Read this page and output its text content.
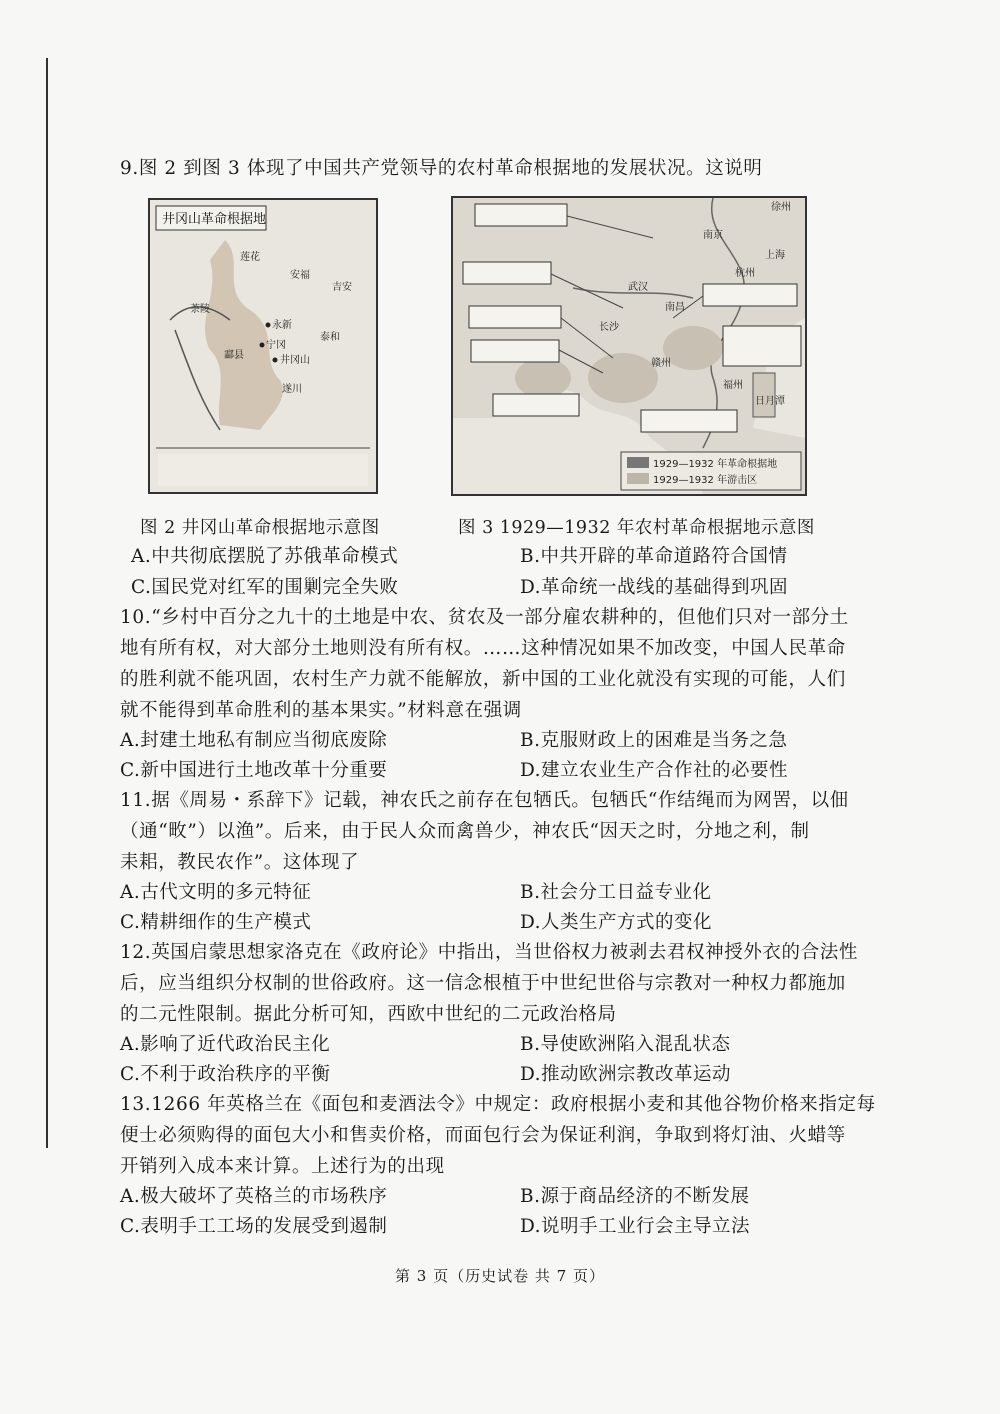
9.图 2 到图 3 体现了中国共产党领导的农村革命根据地的发展状况。这说明
井冈山革命根据地
安福
永新
宁冈
井冈山
遂川
酃县
茶陵
莲花
吉安
泰和
徐州
南京
上海
武汉
南昌
长沙
赣州
杭州
福州
日月潭
1929—1932 年革命根据地
1929—1932 年游击区
图 2 井冈山革命根据地示意图	图 3 1929—1932 年农村革命根据地示意图
A.中共彻底摆脱了苏俄革命模式	B.中共开辟的革命道路符合国情
C.国民党对红军的围剿完全失败	D.革命统一战线的基础得到巩固
10.“乡村中百分之九十的土地是中农、贫农及一部分雇农耕种的，但他们只对一部分土
地有所有权，对大部分土地则没有所有权。……这种情况如果不加改变，中国人民革命
的胜利就不能巩固，农村生产力就不能解放，新中国的工业化就没有实现的可能，人们
就不能得到革命胜利的基本果实。”材料意在强调
A.封建土地私有制应当彻底废除	B.克服财政上的困难是当务之急
C.新中国进行土地改革十分重要	D.建立农业生产合作社的必要性
11.据《周易・系辞下》记载，神农氏之前存在包牺氏。包牺氏“作结绳而为网罟，以佃
（通“畋”）以渔”。后来，由于民人众而禽兽少，神农氏“因天之时，分地之利，制
耒耜，教民农作”。这体现了
A.古代文明的多元特征	B.社会分工日益专业化
C.精耕细作的生产模式	D.人类生产方式的变化
12.英国启蒙思想家洛克在《政府论》中指出，当世俗权力被剥去君权神授外衣的合法性
后，应当组织分权制的世俗政府。这一信念根植于中世纪世俗与宗教对一种权力都施加
的二元性限制。据此分析可知，西欧中世纪的二元政治格局
A.影响了近代政治民主化	B.导使欧洲陷入混乱状态
C.不利于政治秩序的平衡	D.推动欧洲宗教改革运动
13.1266 年英格兰在《面包和麦酒法令》中规定：政府根据小麦和其他谷物价格来指定每
便士必须购得的面包大小和售卖价格，而面包行会为保证利润，争取到将灯油、火蜡等
开销列入成本来计算。上述行为的出现
A.极大破坏了英格兰的市场秩序	B.源于商品经济的不断发展
C.表明手工工场的发展受到遏制	D.说明手工业行会主导立法
第 3 页（历史试卷 共 7 页）
